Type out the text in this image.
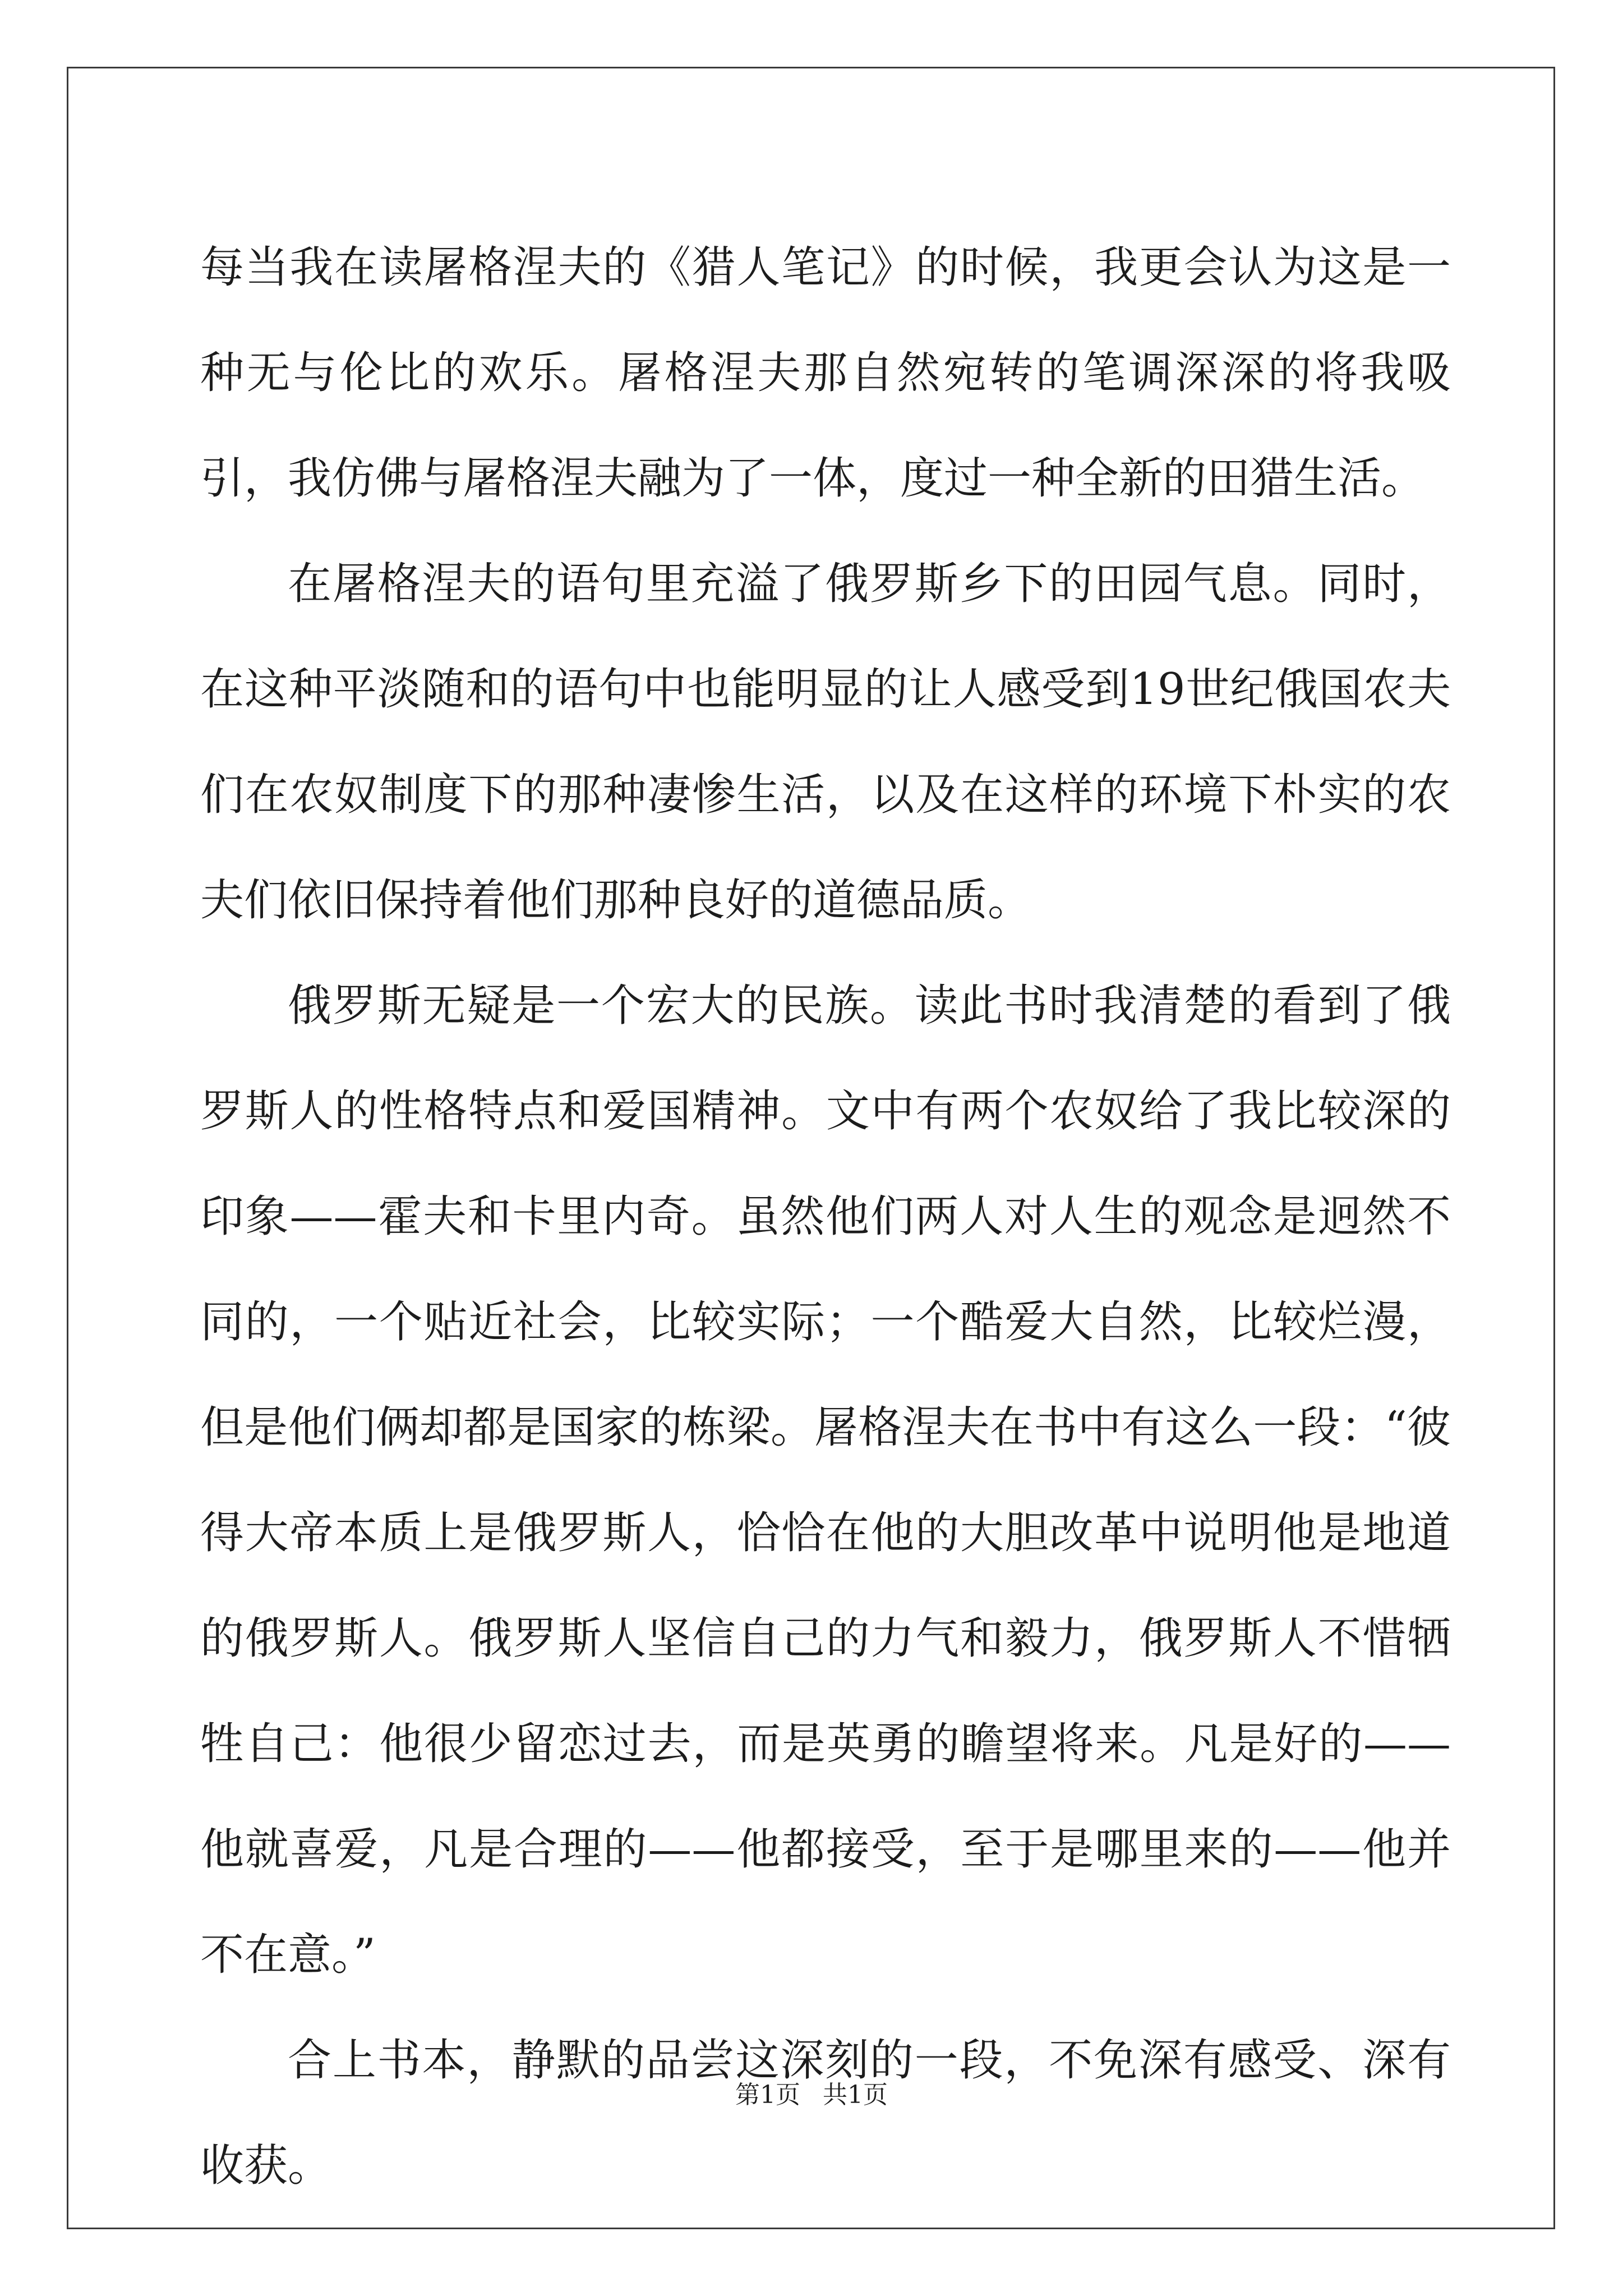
每当我在读屠格涅夫的《猎人笔记》的时候，我更会认为这是一种无与伦比的欢乐。屠格涅夫那自然宛转的笔调深深的将我吸引，我仿佛与屠格涅夫融为了一体，度过一种全新的田猎生活。

在屠格涅夫的语句里充溢了俄罗斯乡下的田园气息。同时，在这种平淡随和的语句中也能明显的让人感受到19世纪俄国农夫们在农奴制度下的那种凄惨生活，以及在这样的环境下朴实的农夫们依旧保持着他们那种良好的道德品质。

俄罗斯无疑是一个宏大的民族。读此书时我清楚的看到了俄罗斯人的性格特点和爱国精神。文中有两个农奴给了我比较深的印象——霍夫和卡里内奇。虽然他们两人对人生的观念是迥然不同的，一个贴近社会，比较实际；一个酷爱大自然，比较烂漫，但是他们俩却都是国家的栋梁。屠格涅夫在书中有这么一段：“彼得大帝本质上是俄罗斯人，恰恰在他的大胆改革中说明他是地道的俄罗斯人。俄罗斯人坚信自己的力气和毅力，俄罗斯人不惜牺牲自己：他很少留恋过去，而是英勇的瞻望将来。凡是好的——他就喜爱，凡是合理的——他都接受，至于是哪里来的——他并不在意。”

合上书本，静默的品尝这深刻的一段，不免深有感受、深有收获。

第1页 共1页
